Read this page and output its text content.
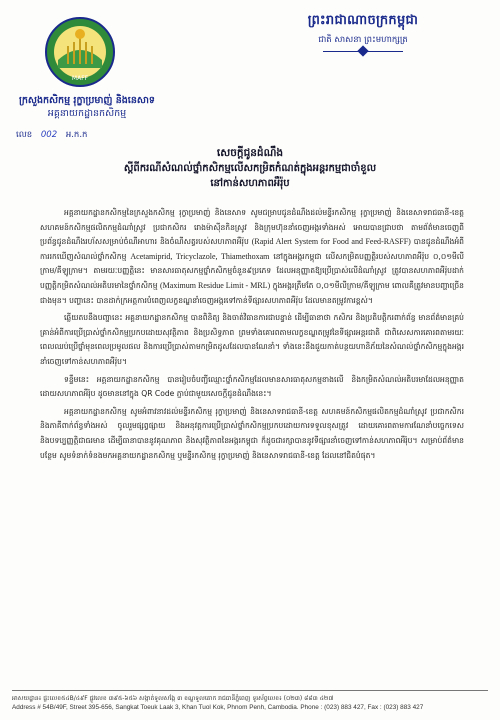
MAFF
ក្រសួងកសិកម្ម រុក្ខាប្រមាញ់ និងនេសាទ
អគ្គនាយកដ្ឋានកសិកម្ម
លេខ 002 អ.ក.ក
ព្រះរាជាណាចក្រកម្ពុជា
ជាតិ សាសនា ព្រះមហាក្សត្រ
សេចក្ដីជូនដំណឹង
ស្ដីពីករណីសំណល់ថ្នាំកសិកម្មលើសកម្រិតកំណត់ក្នុងអន្តរកម្មជាចាំខួល
នៅកាន់សហភាពអឺរ៉ុប

អគ្គនាយកដ្ឋានកសិកម្មនៃក្រសួងកសិកម្ម រុក្ខាប្រមាញ់ និងនេសាទ សូមជម្រាបជូនដំណឹងដល់មន្ទីរកសិកម្ម រុក្ខាប្រមាញ់ និងនេសាទរាជធានី-ខេត្ត សហគមន៍កសិកម្មផលិតកម្មដំណាំស្រូវ ប្រជាកសិករ រោងម៉ាស៊ីនកិនស្រូវ និងក្រុមហ៊ុននាំចេញអង្ករទាំងអស់ អោយបានជ្រាបថា តាមព័ត៌មានចេញពីប្រព័ន្ធជូនដំណឹងរហ័សសម្រាប់ចំណីអាហារ និងចំណីសត្វរបស់សហភាពអឺរ៉ុប (Rapid Alert System for Food and Feed-RASFF) បានជូនដំណឹងអំពីការរកឃើញសំណល់ថ្នាំកសិកម្ម Acetamiprid, Tricyclazole, Thiamethoxam នៅក្នុងអង្ករកម្ពុជា លើសកម្រិតបញ្ញត្តិរបស់សហភាពអឺរ៉ុប ០,០១មីលីក្រាម/គីឡូក្រាម។ តាមរយៈបញ្ញត្តិនេះ មានសារធាតុសកម្មថ្នាំកសិកម្មចំនួន៩ប្រភេទ ដែលអនុញ្ញាតឱ្យប្រើប្រាស់លើដំណាំស្រូវ ត្រូវបានសហភាពអឺរ៉ុបដាក់បញ្ញត្តិកម្រិតសំណល់អតិបរមានៃថ្នាំកសិកម្ម (Maximum Residue Limit - MRL) ក្នុងអង្ករត្រឹមតែ ០,០១មីលីក្រាម/គីឡូក្រាម ពោលគឺត្រូវមានបញ្ហាច្រើនជាងមុន។ បញ្ហានេះ បានដាក់ក្រអត្តការបំពេញលក្ខខណ្ឌនាំចេញអង្ករទៅកាន់ទីផ្សារសហភាពអឺរ៉ុប ដែលមានតម្រូវការខ្ពស់។

ឆ្លើយតបនឹងបញ្ហានេះ អគ្គនាយកដ្ឋានកសិកម្ម បានពិនិត្យ និងចាត់វិធានការជាបន្ទាន់ ដើម្បីធានាថា កសិករ និងប្រតិបត្តិករពាក់ព័ន្ធ មានព័ត៌មានគ្រប់គ្រាន់អំពីការប្រើប្រាស់ថ្នាំកសិកម្មប្រកបដោយសុវត្ថិភាព និងប្រសិទ្ធភាព ព្រមទាំងគោរពតាមលក្ខខណ្ឌតម្រូវនៃទីផ្សារអន្តរជាតិ ជាពិសេសការគោរពតាមរយៈពេលឈប់ប្រើថ្នាំមុនពេលប្រមូលផល និងការប្រើប្រាស់តាមកម្រិតដូសដែលបានណែនាំ។ ទាំងនេះនឹងជួយកាត់បន្ថយហានិភ័យនៃសំណល់ថ្នាំកសិកម្មក្នុងអង្ករនាំចេញទៅកាន់សហភាពអឺរ៉ុប។

ទន្ទឹមនេះ អគ្គនាយកដ្ឋានកសិកម្ម បានរៀបចំបញ្ជីឈ្មោះថ្នាំកសិកម្មដែលមានសារធាតុសកម្មខាងលើ និងកម្រិតសំណល់អតិបរមាដែលអនុញ្ញាតដោយសហភាពអឺរ៉ុប ដូចមាននៅក្នុង QR Code ភ្ជាប់ជាមួយសេចក្ដីជូនដំណឹងនេះ។

អគ្គនាយកដ្ឋានកសិកម្ម សូមអំពាវនាវដល់មន្ទីរកសិកម្ម រុក្ខាប្រមាញ់ និងនេសាទរាជធានី-ខេត្ត សហគមន៍កសិកម្មផលិតកម្មដំណាំស្រូវ ប្រជាកសិករ និងភាគីពាក់ព័ន្ធទាំងអស់ ចូលរួមផ្សព្វផ្សាយ និងអនុវត្តការប្រើប្រាស់ថ្នាំកសិកម្មប្រកបដោយការទទួលខុសត្រូវ ដោយគោរពតាមការណែនាំបច្ចេកទេស និងបទប្បញ្ញត្តិជាធរមាន ដើម្បីធានាបាននូវគុណភាព និងសុវត្ថិភាពនៃអង្ករកម្ពុជា ក៏ដូចជារក្សាបាននូវទីផ្សារនាំចេញទៅកាន់សហភាពអឺរ៉ុប។ សម្រាប់ព័ត៌មានបន្ថែម សូមទំនាក់ទំនងមកអគ្គនាយកដ្ឋានកសិកម្ម ឬមន្ទីរកសិកម្ម រុក្ខាប្រមាញ់ និងនេសាទរាជធានី-ខេត្ត ដែលនៅជិតបំផុត។

អាសយដ្ឋាន៖ ផ្ទះលេខ៥៤B/៤៩F ផ្លូវលេខ ៣៩៥-៦៥៦ សង្កាត់ទួលសង្កែ ៣ ខណ្ឌទួលគោក រាជធានីភ្នំពេញ ទូរស័ព្ទលេខ៖ (០២៣) ៨៨៣ ៤២៧
Address # 54B/49F, Street 395-656, Sangkat Toeuk Laak 3, Khan Tuol Kok, Phnom Penh, Cambodia. Phone : (023) 883 427, Fax : (023) 883 427
